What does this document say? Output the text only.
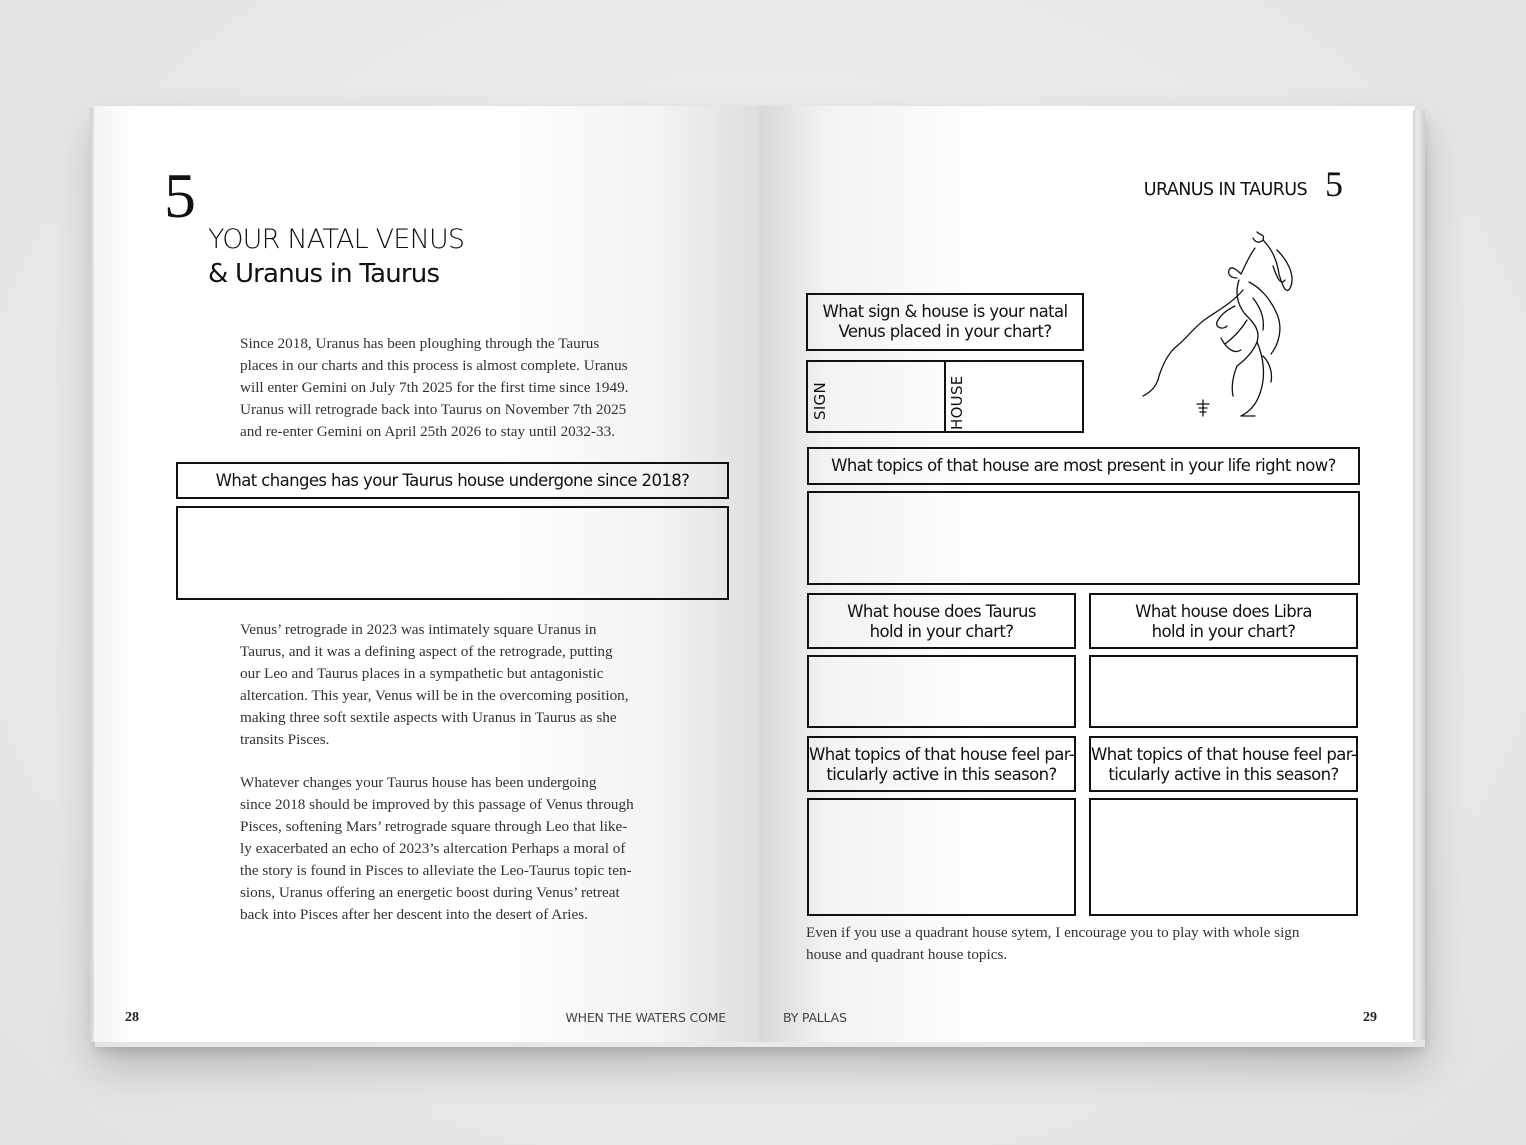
5
YOUR NATAL VENUS
& Uranus in Taurus
Since 2018, Uranus has been ploughing through the Taurus
places in our charts and this process is almost complete. Uranus
will enter Gemini on July 7th 2025 for the first time since 1949.
Uranus will retrograde back into Taurus on November 7th 2025
and re-enter Gemini on April 25th 2026 to stay until 2032-33.
What changes has your Taurus house undergone since 2018?
Venus’ retrograde in 2023 was intimately square Uranus in
Taurus, and it was a defining aspect of the retrograde, putting
our Leo and Taurus places in a sympathetic but antagonistic
altercation. This year, Venus will be in the overcoming position,
making three soft sextile aspects with Uranus in Taurus as she
transits Pisces.
Whatever changes your Taurus house has been undergoing
since 2018 should be improved by this passage of Venus through
Pisces, softening Mars’ retrograde square through Leo that like-
ly exacerbated an echo of 2023’s altercation Perhaps a moral of
the story is found in Pisces to alleviate the Leo-Taurus topic ten-
sions, Uranus offering an energetic boost during Venus’ retreat
back into Pisces after her descent into the desert of Aries.
28	WHEN THE WATERS COME
URANUS IN TAURUS 5
What sign & house is your natal
Venus placed in your chart?
SIGN	HOUSE
What topics of that house are most present in your life right now?
What house does Taurus
hold in your chart?
What house does Libra
hold in your chart?
What topics of that house feel par-
ticularly active in this season?
What topics of that house feel par-
ticularly active in this season?
Even if you use a quadrant house sytem, I encourage you to play with whole sign
house and quadrant house topics.
BY PALLAS	29
